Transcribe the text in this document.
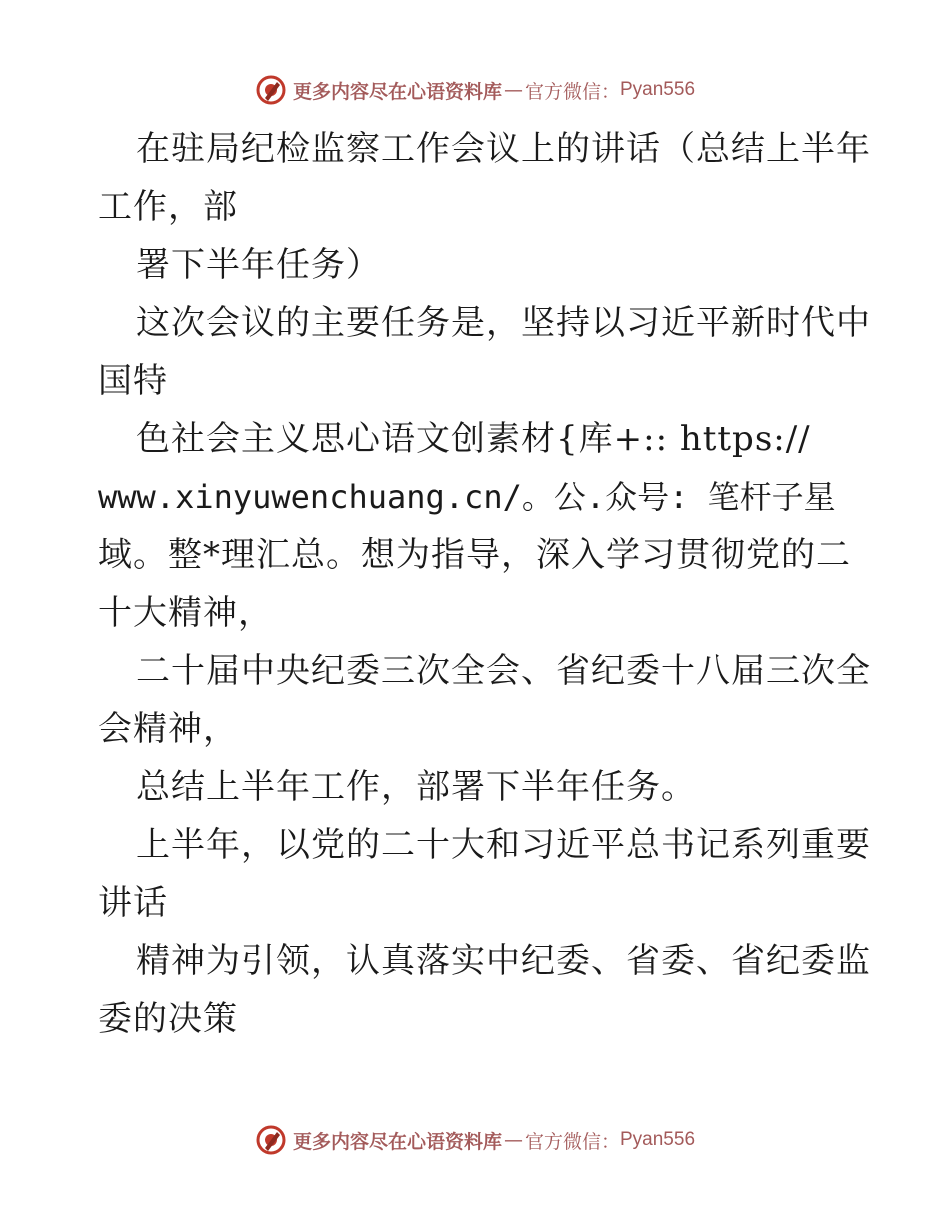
更多内容尽在心语资料库 — 官方微信： Pyan556
在驻局纪检监察工作会议上的讲话（总结上半年
工作，部
署下半年任务）
这次会议的主要任务是，坚持以习近平新时代中
国特
色社会主义思心语文创素材{库+:: https://
www.xinyuwenchuang.cn/。公.众号: 笔杆子星
域。整*理汇总。想为指导，深入学习贯彻党的二
十大精神，
二十届中央纪委三次全会、省纪委十八届三次全
会精神，
总结上半年工作，部署下半年任务。
上半年，以党的二十大和习近平总书记系列重要
讲话
精神为引领，认真落实中纪委、省委、省纪委监
委的决策
更多内容尽在心语资料库 — 官方微信： Pyan556
